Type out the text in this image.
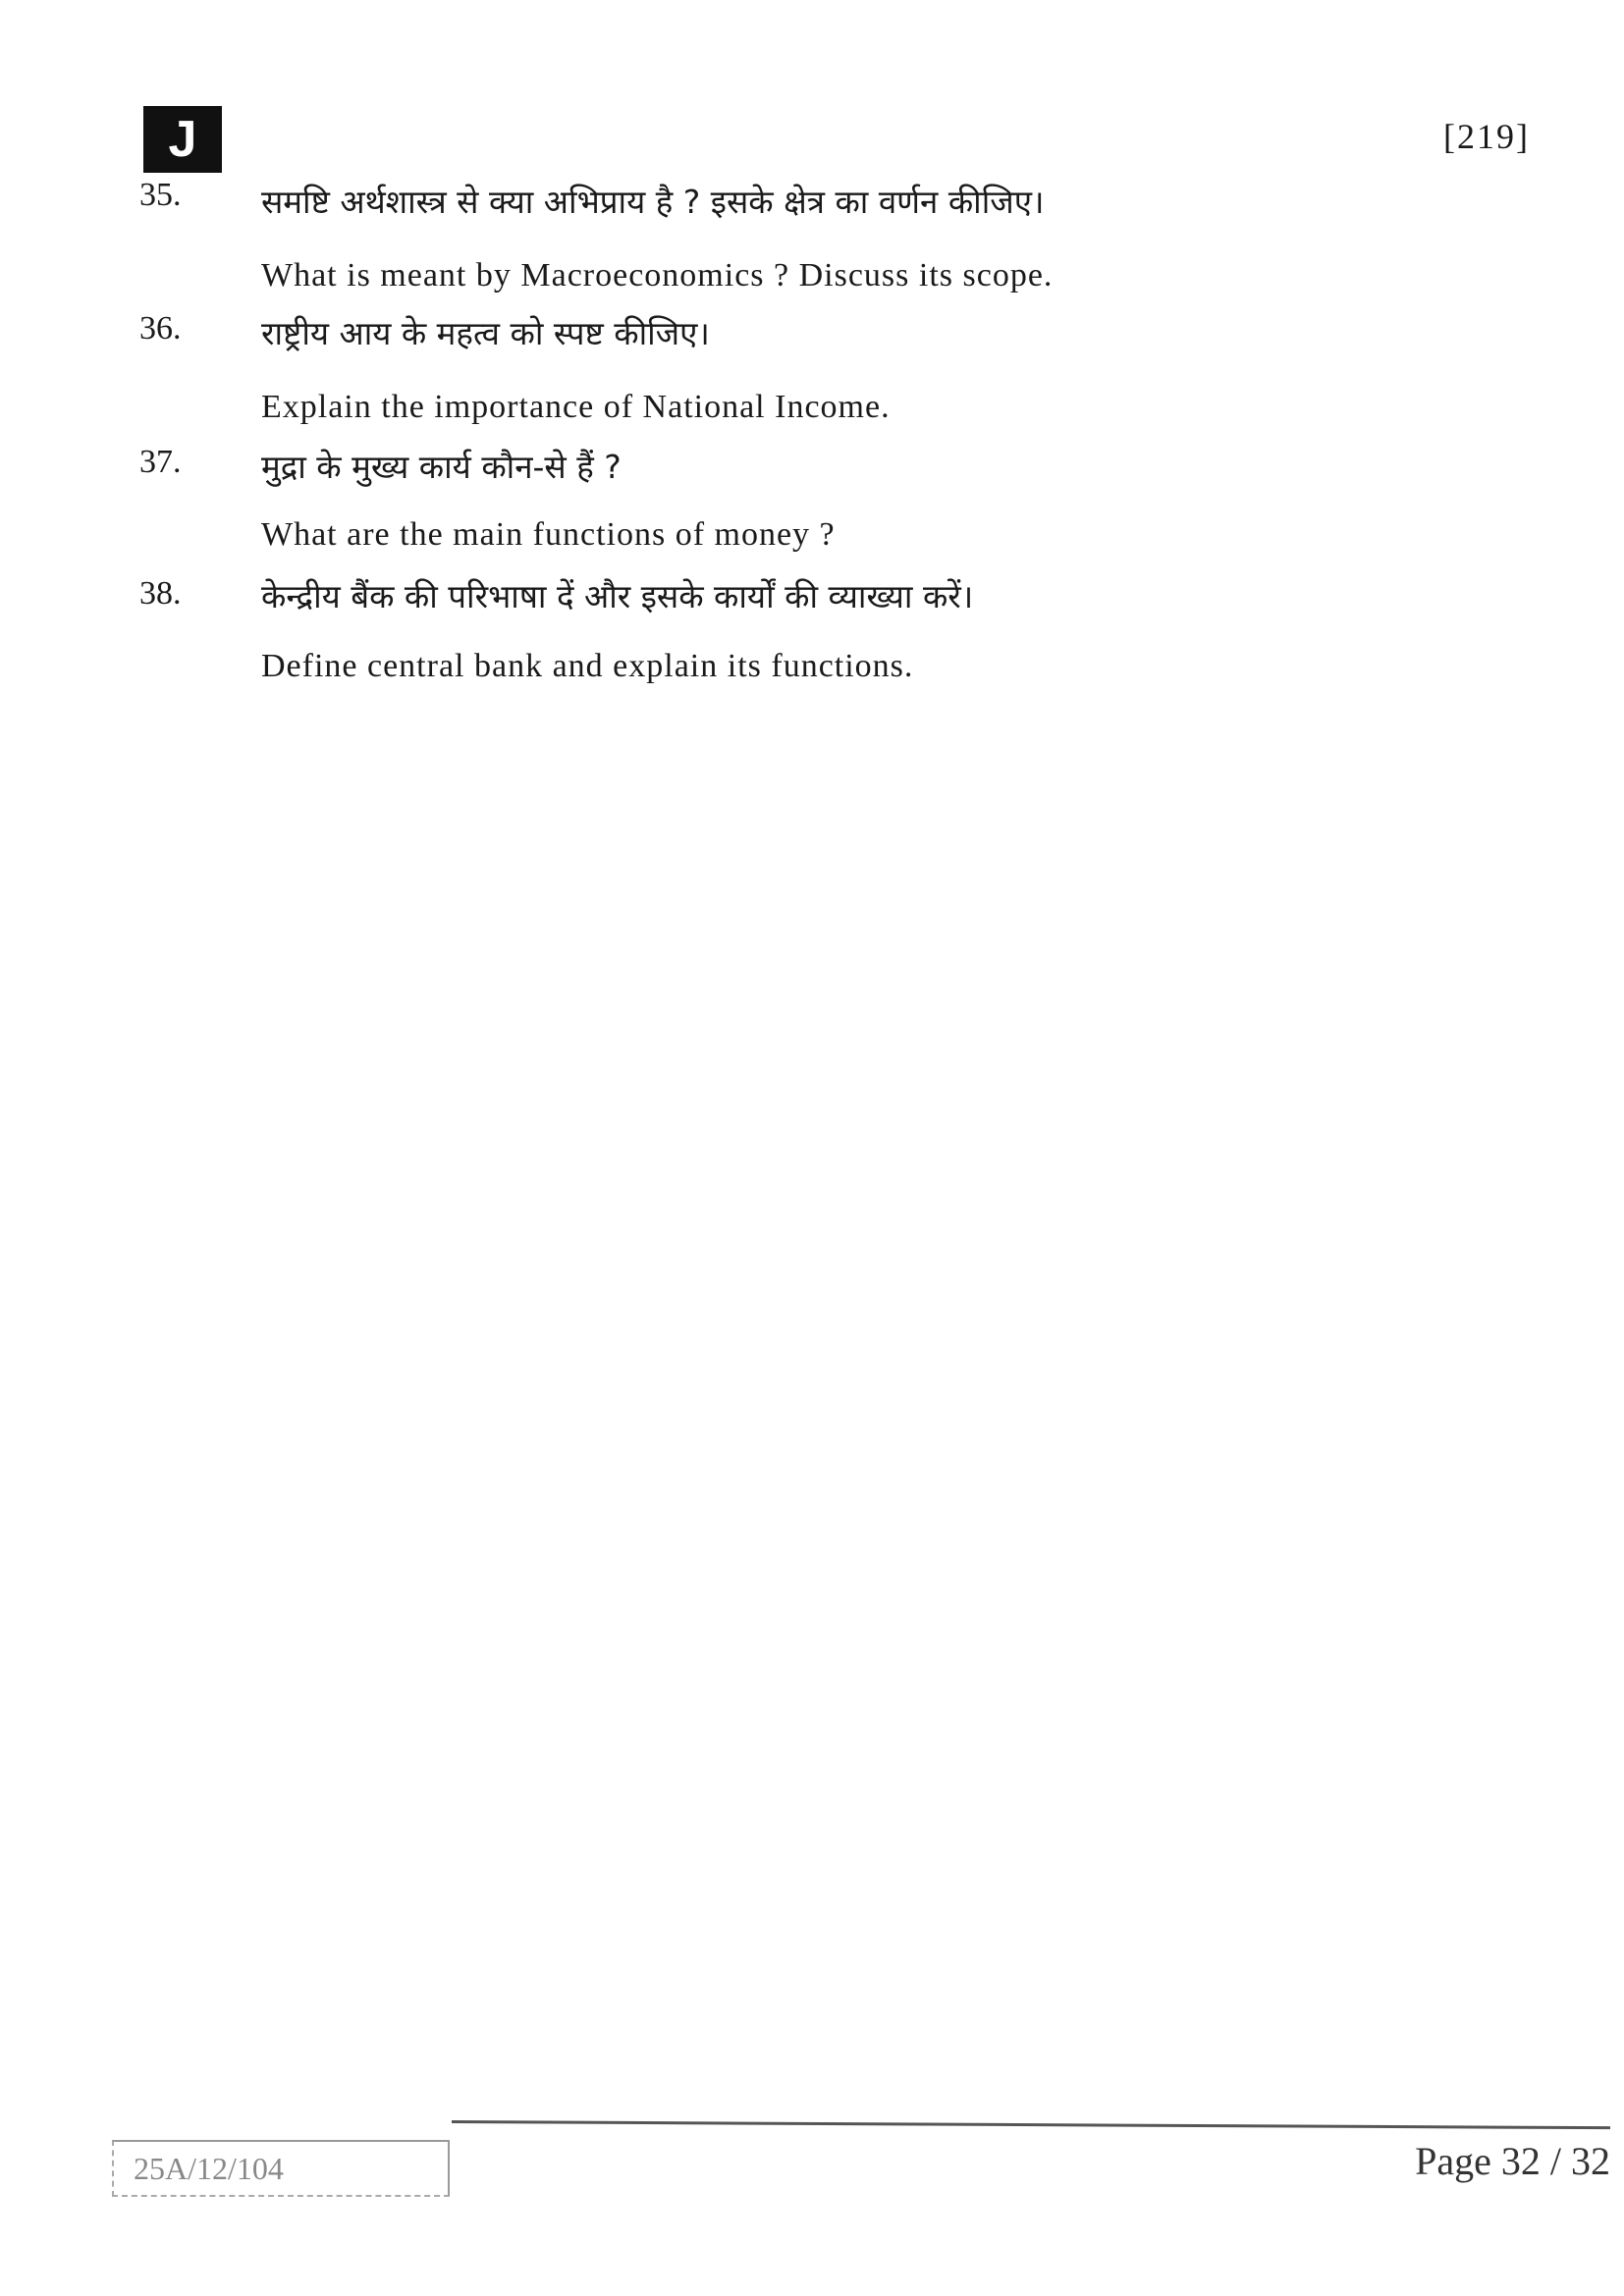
J	[219]
35. समष्टि अर्थशास्त्र से क्या अभिप्राय है ? इसके क्षेत्र का वर्णन कीजिए।
What is meant by Macroeconomics ? Discuss its scope.
36. राष्ट्रीय आय के महत्व को स्पष्ट कीजिए।
Explain the importance of National Income.
37. मुद्रा के मुख्य कार्य कौन-से हैं ?
What are the main functions of money ?
38. केन्द्रीय बैंक की परिभाषा दें और इसके कार्यों की व्याख्या करें।
Define central bank and explain its functions.
25A/12/104	Page 32 / 32
